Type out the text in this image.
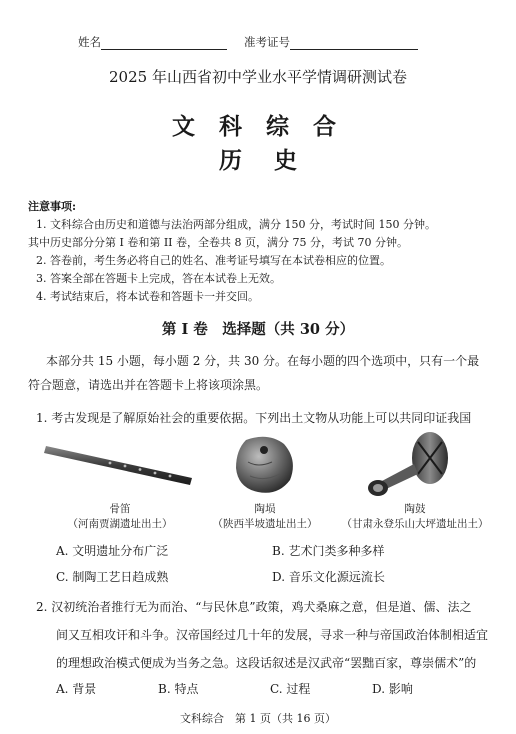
姓名	准考证号
2025 年山西省初中学业水平学情调研测试卷
文 科 综 合
历    史
注意事项:
1. 文科综合由历史和道德与法治两部分组成，满分 150 分，考试时间 150 分钟。
其中历史部分分第 I 卷和第 II 卷，全卷共 8 页，满分 75 分，考试 70 分钟。
2. 答卷前，考生务必将自己的姓名、准考证号填写在本试卷相应的位置。
3. 答案全部在答题卡上完成，答在本试卷上无效。
4. 考试结束后，将本试卷和答题卡一并交回。
第 I 卷　选择题（共 30 分）
本部分共 15 小题，每小题 2 分，共 30 分。在每小题的四个选项中，只有一个最
符合题意，请选出并在答题卡上将该项涂黑。
1. 考古发现是了解原始社会的重要依据。下列出土文物从功能上可以共同印证我国
骨笛
（河南贾湖遗址出土）
陶埙
（陕西半坡遗址出土）
陶鼓
（甘肃永登乐山大坪遗址出土）
A. 文明遗址分布广泛	B. 艺术门类多种多样
C. 制陶工艺日趋成熟	D. 音乐文化源远流长
2. 汉初统治者推行无为而治、“与民休息”政策，鸡犬桑麻之意，但是道、儒、法之
间又互相攻讦和斗争。汉帝国经过几十年的发展，寻求一种与帝国政治体制相适宜
的理想政治模式便成为当务之急。这段话叙述是汉武帝“罢黜百家，尊崇儒术”的
A. 背景	B. 特点	C. 过程	D. 影响
文科综合　第 1 页（共 16 页）
